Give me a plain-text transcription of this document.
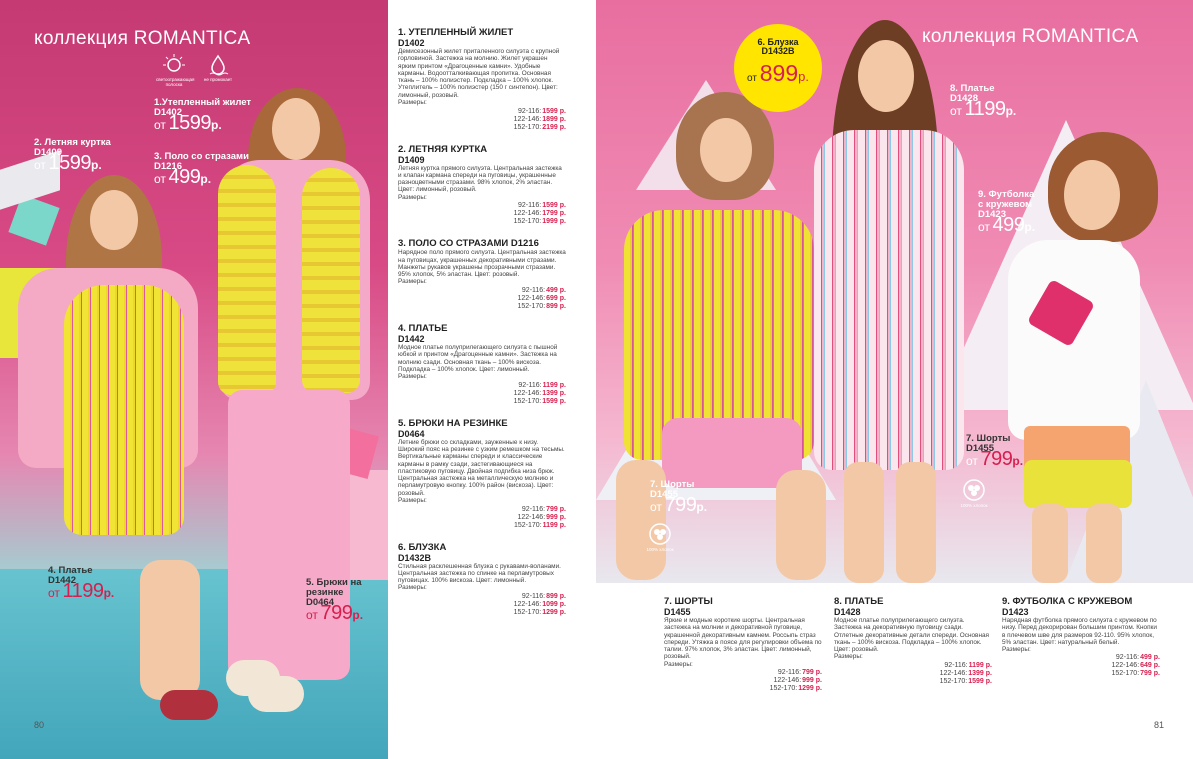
коллекция ROMANTICA
светоотражающая полоска
не промокает
1.Утепленный жилет
D1402
от 1599р.
2. Летняя куртка
D1409
от 1599р.
3. Поло со стразами
D1216
от 499р.
4. Платье
D1442
от 1199р.
5. Брюки на резинке
D0464
от 799р.
1. УТЕПЛЕННЫЙ ЖИЛЕТ
D1402
Демисезонный жилет приталенного силуэта с крупной горловиной. Застежка на молнию. Жилет украшен ярким принтом «Драгоценные камни». Удобные карманы. Водоотталкивающая пропитка. Основная ткань – 100% полиэстер. Подкладка – 100% хлопок. Утеплитель – 100% полиэстер (150 г синтепон). Цвет: лимонный, розовый.
Размеры:
92-116: 1599 р.
122-146: 1899 р.
152-170: 2199 р.
2. ЛЕТНЯЯ КУРТКА
D1409
Летняя куртка прямого силуэта. Центральная застежка и клапан кармана спереди на пуговицы, украшенные разноцветными стразами. 98% хлопок, 2% эластан. Цвет: лимонный, розовый.
Размеры:
92-116: 1599 р.
122-146: 1799 р.
152-170: 1999 р.
3. ПОЛО СО СТРАЗАМИ D1216
Нарядное поло прямого силуэта. Центральная застежка на пуговицах, украшенных декоративными стразами. Манжеты рукавов украшены прозрачными стразами. 95% хлопок, 5% эластан. Цвет: розовый.
Размеры:
92-116: 499 р.
122-146: 699 р.
152-170: 899 р.
4. ПЛАТЬЕ
D1442
Модное платье полуприлегающего силуэта с пышной юбкой и принтом «Драгоценные камни». Застежка на молнию сзади. Основная ткань – 100% вискоза. Подкладка – 100% хлопок. Цвет: лимонный.
Размеры:
92-116: 1199 р.
122-146: 1399 р.
152-170: 1599 р.
5. БРЮКИ НА РЕЗИНКЕ
D0464
Летние брюки со складками, зауженные к низу. Широкий пояс на резинке с узким ремешком на тесьмы. Вертикальные карманы спереди и классические карманы в рамку сзади, застегивающиеся на пластиковую пуговицу. Двойная подгибка низа брюк. Центральная застежка на металлическую молнию и перламутровую кнопку. 100% район (вискоза). Цвет: розовый.
Размеры:
92-116: 799 р.
122-146: 999 р.
152-170: 1199 р.
6. БЛУЗКА
D1432B
Стильная расклешенная блузка с рукавами-воланами. Центральная застежка по спинке на перламутровых пуговицах. 100% вискоза. Цвет: лимонный.
Размеры:
92-116: 899 р.
122-146: 1099 р.
152-170: 1299 р.
80
коллекция ROMANTICA
6. Блузка
D1432B
от 899р.
8. Платье
D1428
от 1199р.
9. Футболка с кружевом
D1423
от 499р.
7. Шорты
D1455
от 799р.
7. Шорты
D1455
от 799р.
100% хлопок
100% хлопок
7. ШОРТЫ
D1455
Яркие и модные короткие шорты. Центральная застежка на молнии и декоративной пуговице, украшенной декоративным камнем. Россыпь страз спереди. Утяжка в поясе для регулировки объема по талии. 97% хлопок, 3% эластан. Цвет: лимонный, розовый.
Размеры:
92-116: 799 р.
122-146: 999 р.
152-170: 1299 р.
8. ПЛАТЬЕ
D1428
Модное платье полуприлегающего силуэта. Застежка на декоративную пуговицу сзади. Отлетные декоративные детали спереди. Основная ткань – 100% вискоза. Подкладка – 100% хлопок. Цвет: розовый.
Размеры:
92-116: 1199 р.
122-146: 1399 р.
152-170: 1599 р.
9. ФУТБОЛКА С КРУЖЕВОМ
D1423
Нарядная футболка прямого силуэта с кружевом по низу. Перед декорирован большим принтом. Кнопки в плечевом шве для размеров 92-110. 95% хлопок, 5% эластан. Цвет: натуральный белый.
Размеры:
92-116: 499 р.
122-146: 649 р.
152-170: 799 р.
81
